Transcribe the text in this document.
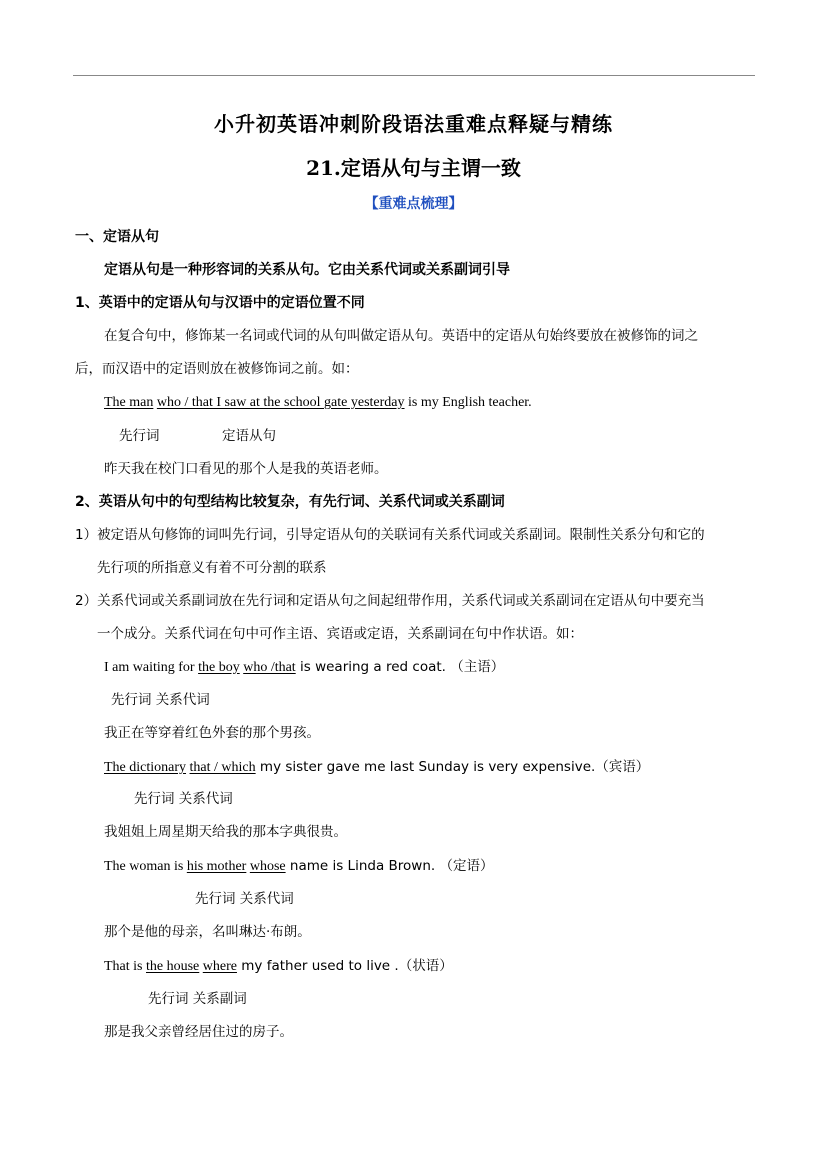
小升初英语冲刺阶段语法重难点释疑与精练
21.定语从句与主谓一致
【重难点梳理】
一、定语从句
定语从句是一种形容词的关系从句。它由关系代词或关系副词引导
1、英语中的定语从句与汉语中的定语位置不同
在复合句中，修饰某一名词或代词的从句叫做定语从句。英语中的定语从句始终要放在被修饰的词之
后，而汉语中的定语则放在被修饰词之前。如：
The man who / that I saw at the school gate yesterday is my English teacher.
先行词	定语从句
昨天我在校门口看见的那个人是我的英语老师。
2、英语从句中的句型结构比较复杂，有先行词、关系代词或关系副词
1）被定语从句修饰的词叫先行词，引导定语从句的关联词有关系代词或关系副词。限制性关系分句和它的
先行项的所指意义有着不可分割的联系
2）关系代词或关系副词放在先行词和定语从句之间起纽带作用，关系代词或关系副词在定语从句中要充当
一个成分。关系代词在句中可作主语、宾语或定语，关系副词在句中作状语。如：
I am waiting for the boy who /that is wearing a red coat. （主语）
先行词 关系代词
我正在等穿着红色外套的那个男孩。
The dictionary that / which my sister gave me last Sunday is very expensive.（宾语）
先行词 关系代词
我姐姐上周星期天给我的那本字典很贵。
The woman is his mother whose name is Linda Brown. （定语）
先行词 关系代词
那个是他的母亲，名叫琳达·布朗。
That is the house where my father used to live .（状语）
先行词 关系副词
那是我父亲曾经居住过的房子。
